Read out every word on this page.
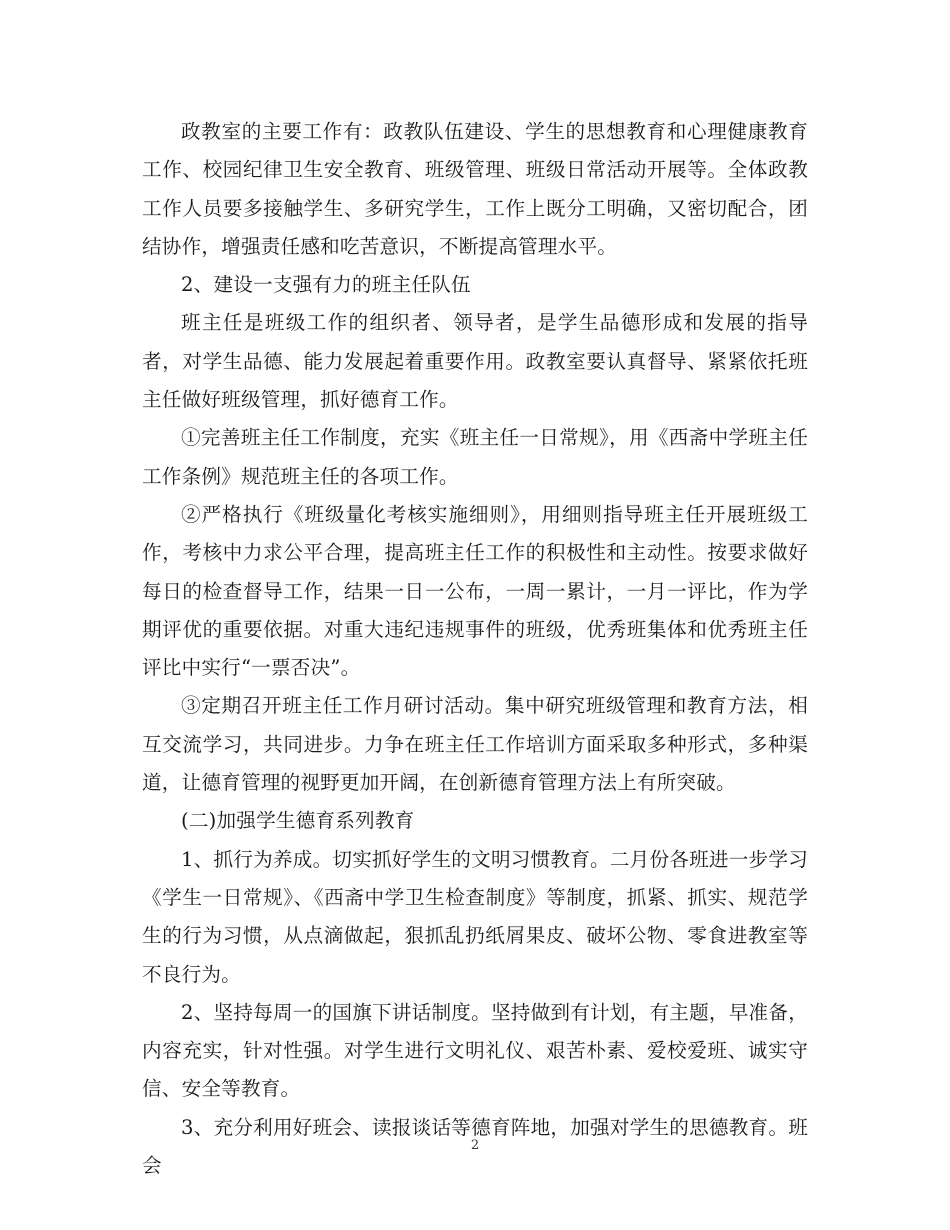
政教室的主要工作有：政教队伍建设、学生的思想教育和心理健康教育工作、校园纪律卫生安全教育、班级管理、班级日常活动开展等。全体政教工作人员要多接触学生、多研究学生，工作上既分工明确，又密切配合，团结协作，增强责任感和吃苦意识，不断提高管理水平。

2、建设一支强有力的班主任队伍

班主任是班级工作的组织者、领导者，是学生品德形成和发展的指导者，对学生品德、能力发展起着重要作用。政教室要认真督导、紧紧依托班主任做好班级管理，抓好德育工作。

①完善班主任工作制度，充实《班主任一日常规》，用《西斋中学班主任工作条例》规范班主任的各项工作。

②严格执行《班级量化考核实施细则》，用细则指导班主任开展班级工作，考核中力求公平合理，提高班主任工作的积极性和主动性。按要求做好每日的检查督导工作，结果一日一公布，一周一累计，一月一评比，作为学期评优的重要依据。对重大违纪违规事件的班级，优秀班集体和优秀班主任评比中实行“一票否决”。

③定期召开班主任工作月研讨活动。集中研究班级管理和教育方法，相互交流学习，共同进步。力争在班主任工作培训方面采取多种形式，多种渠道，让德育管理的视野更加开阔，在创新德育管理方法上有所突破。

(二)加强学生德育系列教育

1、抓行为养成。切实抓好学生的文明习惯教育。二月份各班进一步学习《学生一日常规》、《西斋中学卫生检查制度》等制度，抓紧、抓实、规范学生的行为习惯，从点滴做起，狠抓乱扔纸屑果皮、破坏公物、零食进教室等不良行为。

2、坚持每周一的国旗下讲话制度。坚持做到有计划，有主题，早准备，内容充实，针对性强。对学生进行文明礼仪、艰苦朴素、爱校爱班、诚实守信、安全等教育。

3、充分利用好班会、读报谈话等德育阵地，加强对学生的思德教育。班会

2
